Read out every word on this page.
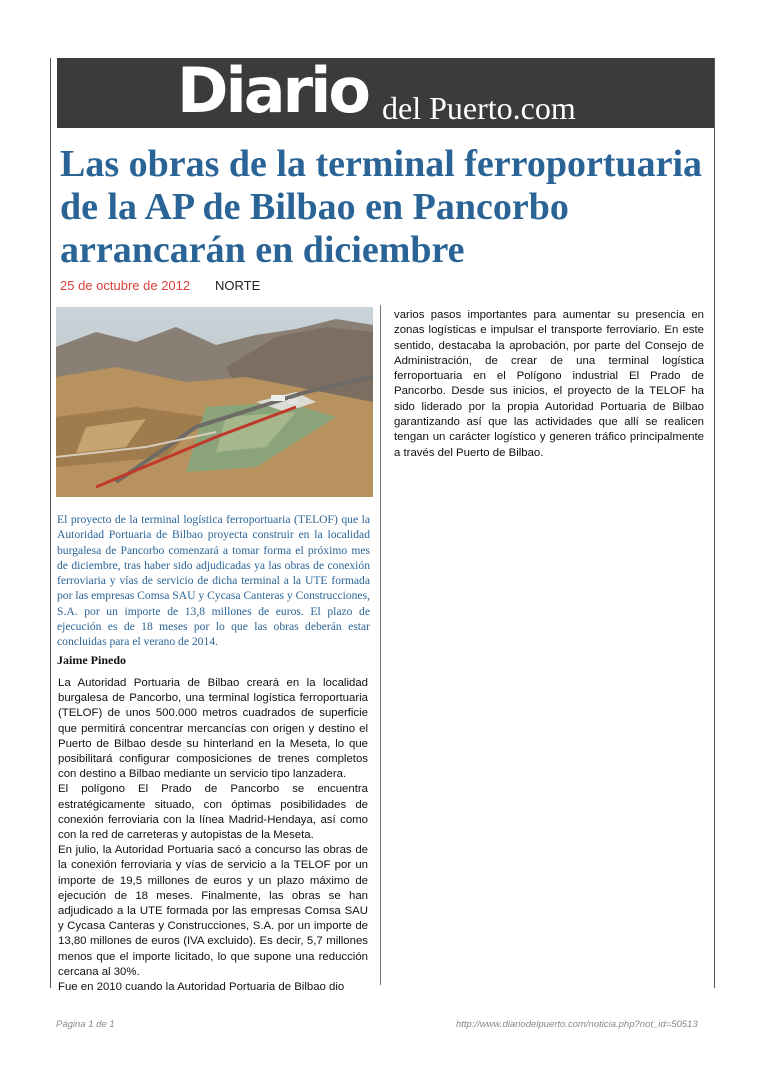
Diario del Puerto.com
Las obras de la terminal ferroportuaria de la AP de Bilbao en Pancorbo arrancarán en diciembre
25 de octubre de 2012 NORTE

El proyecto de la terminal logística ferroportuaria (TELOF) que la Autoridad Portuaria de Bilbao proyecta construir en la localidad burgalesa de Pancorbo comenzará a tomar forma el próximo mes de diciembre, tras haber sido adjudicadas ya las obras de conexión ferroviaria y vías de servicio de dicha terminal a la UTE formada por las empresas Comsa SAU y Cycasa Canteras y Construcciones, S.A. por un importe de 13,8 millones de euros. El plazo de ejecución es de 18 meses por lo que las obras deberán estar concluidas para el verano de 2014.

Jaime Pinedo

La Autoridad Portuaria de Bilbao creará en la localidad burgalesa de Pancorbo, una terminal logística ferroportuaria (TELOF) de unos 500.000 metros cuadrados de superficie que permitirá concentrar mercancías con origen y destino el Puerto de Bilbao desde su hinterland en la Meseta, lo que posibilitará configurar composiciones de trenes completos con destino a Bilbao mediante un servicio tipo lanzadera.

El polígono El Prado de Pancorbo se encuentra estratégicamente situado, con óptimas posibilidades de conexión ferroviaria con la línea Madrid-Hendaya, así como con la red de carreteras y autopistas de la Meseta.

En julio, la Autoridad Portuaria sacó a concurso las obras de la conexión ferroviaria y vías de servicio a la TELOF por un importe de 19,5 millones de euros y un plazo máximo de ejecución de 18 meses. Finalmente, las obras se han adjudicado a la UTE formada por las empresas Comsa SAU y Cycasa Canteras y Construcciones, S.A. por un importe de 13,80 millones de euros (IVA excluido). Es decir, 5,7 millones menos que el importe licitado, lo que supone una reducción cercana al 30%.

Fue en 2010 cuando la Autoridad Portuaria de Bilbao dio

varios pasos importantes para aumentar su presencia en zonas logísticas e impulsar el transporte ferroviario. En este sentido, destacaba la aprobación, por parte del Consejo de Administración, de crear de una terminal logística ferroportuaria en el Polígono industrial El Prado de Pancorbo. Desde sus inicios, el proyecto de la TELOF ha sido liderado por la propia Autoridad Portuaria de Bilbao garantizando así que las actividades que allí se realicen tengan un carácter logístico y generen tráfico principalmente a través del Puerto de Bilbao.

Página 1 de 1	http://www.diariodelpuerto.com/noticia.php?not_id=50513
